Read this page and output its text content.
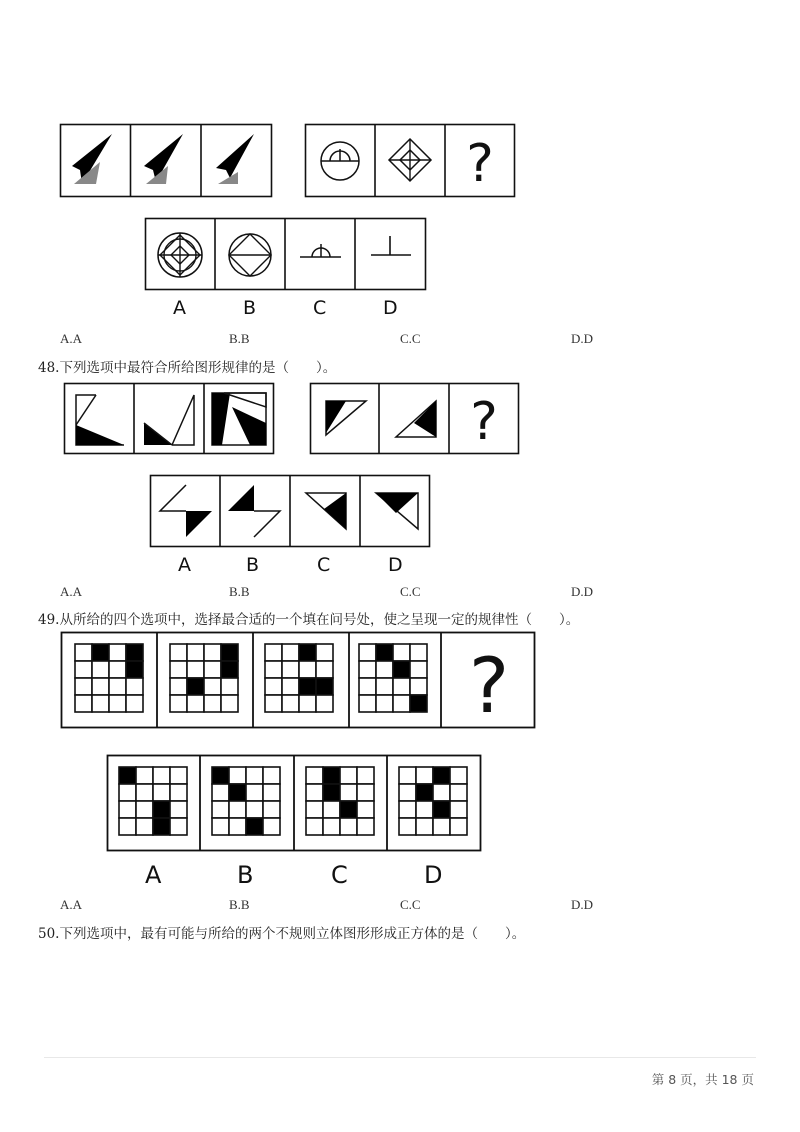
?
A	B	C	D
A.A	B.B	C.C	D.D
48.下列选项中最符合所给图形规律的是（　　）。
?
A	B	C	D
A.A	B.B	C.C	D.D
49.从所给的四个选项中，选择最合适的一个填在问号处，使之呈现一定的规律性（　　）。
?
A	B	C	D
A.A	B.B	C.C	D.D
50.下列选项中，最有可能与所给的两个不规则立体图形形成正方体的是（　　）。
第 8 页，共 18 页
